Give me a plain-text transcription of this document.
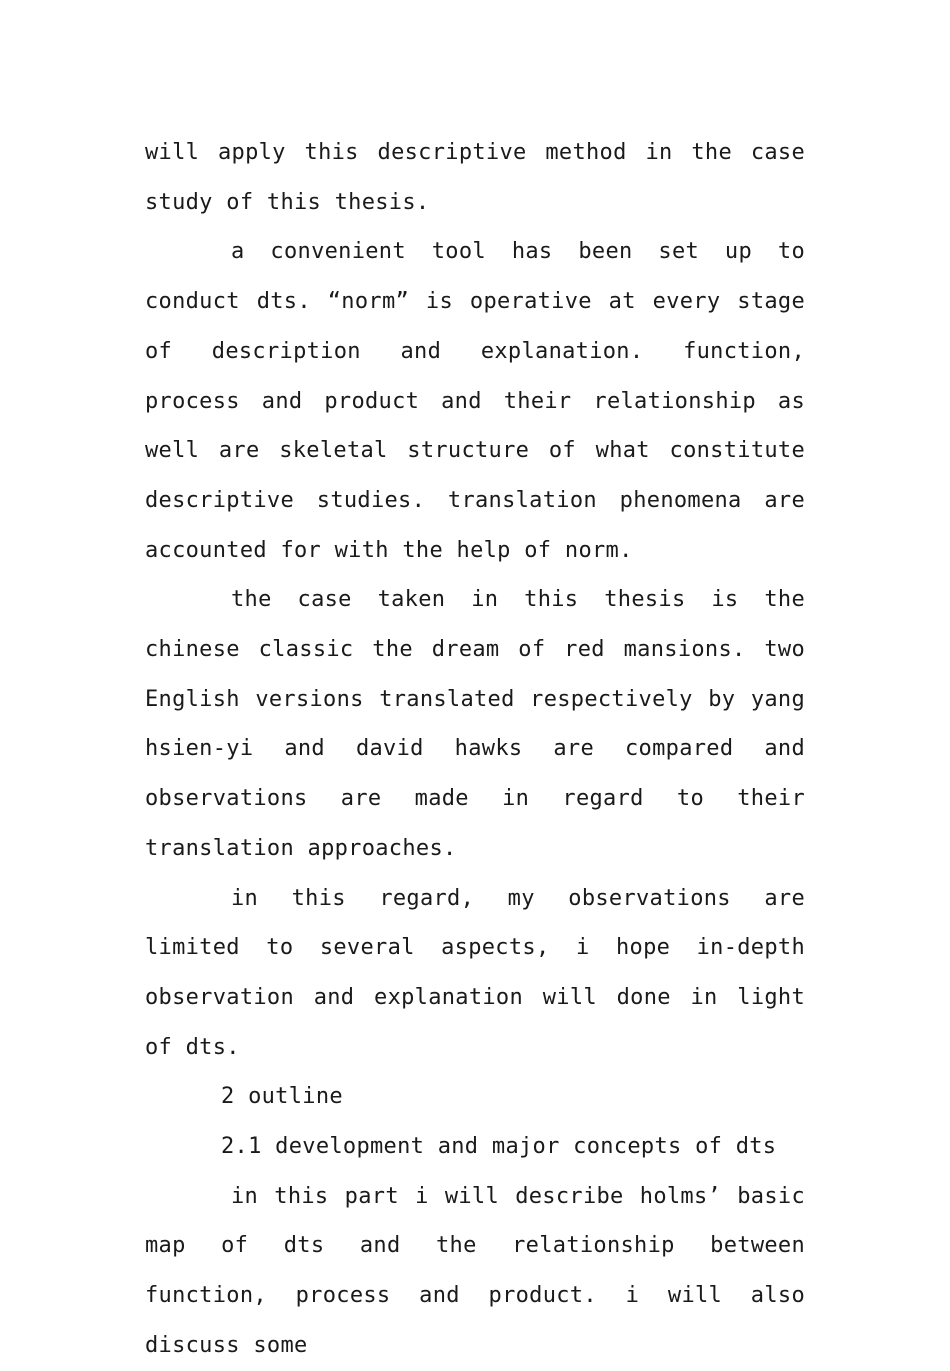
will apply this descriptive method in the case study of this thesis.

a convenient tool has been set up to conduct dts. “norm” is operative at every stage of description and explanation. function, process and product and their relationship as well are skeletal structure of what constitute descriptive studies. translation phenomena are accounted for with the help of norm.

the case taken in this thesis is the chinese classic the dream of red mansions. two English versions translated respectively by yang hsien-yi and david hawks are compared and observations are made in regard to their translation approaches.

in this regard, my observations are limited to several aspects, i hope in-depth observation and explanation will done in light of dts.

2 outline

2.1 development and major concepts of dts

in this part i will describe holms’ basic map of dts and the relationship between function, process and product. i will also discuss some
